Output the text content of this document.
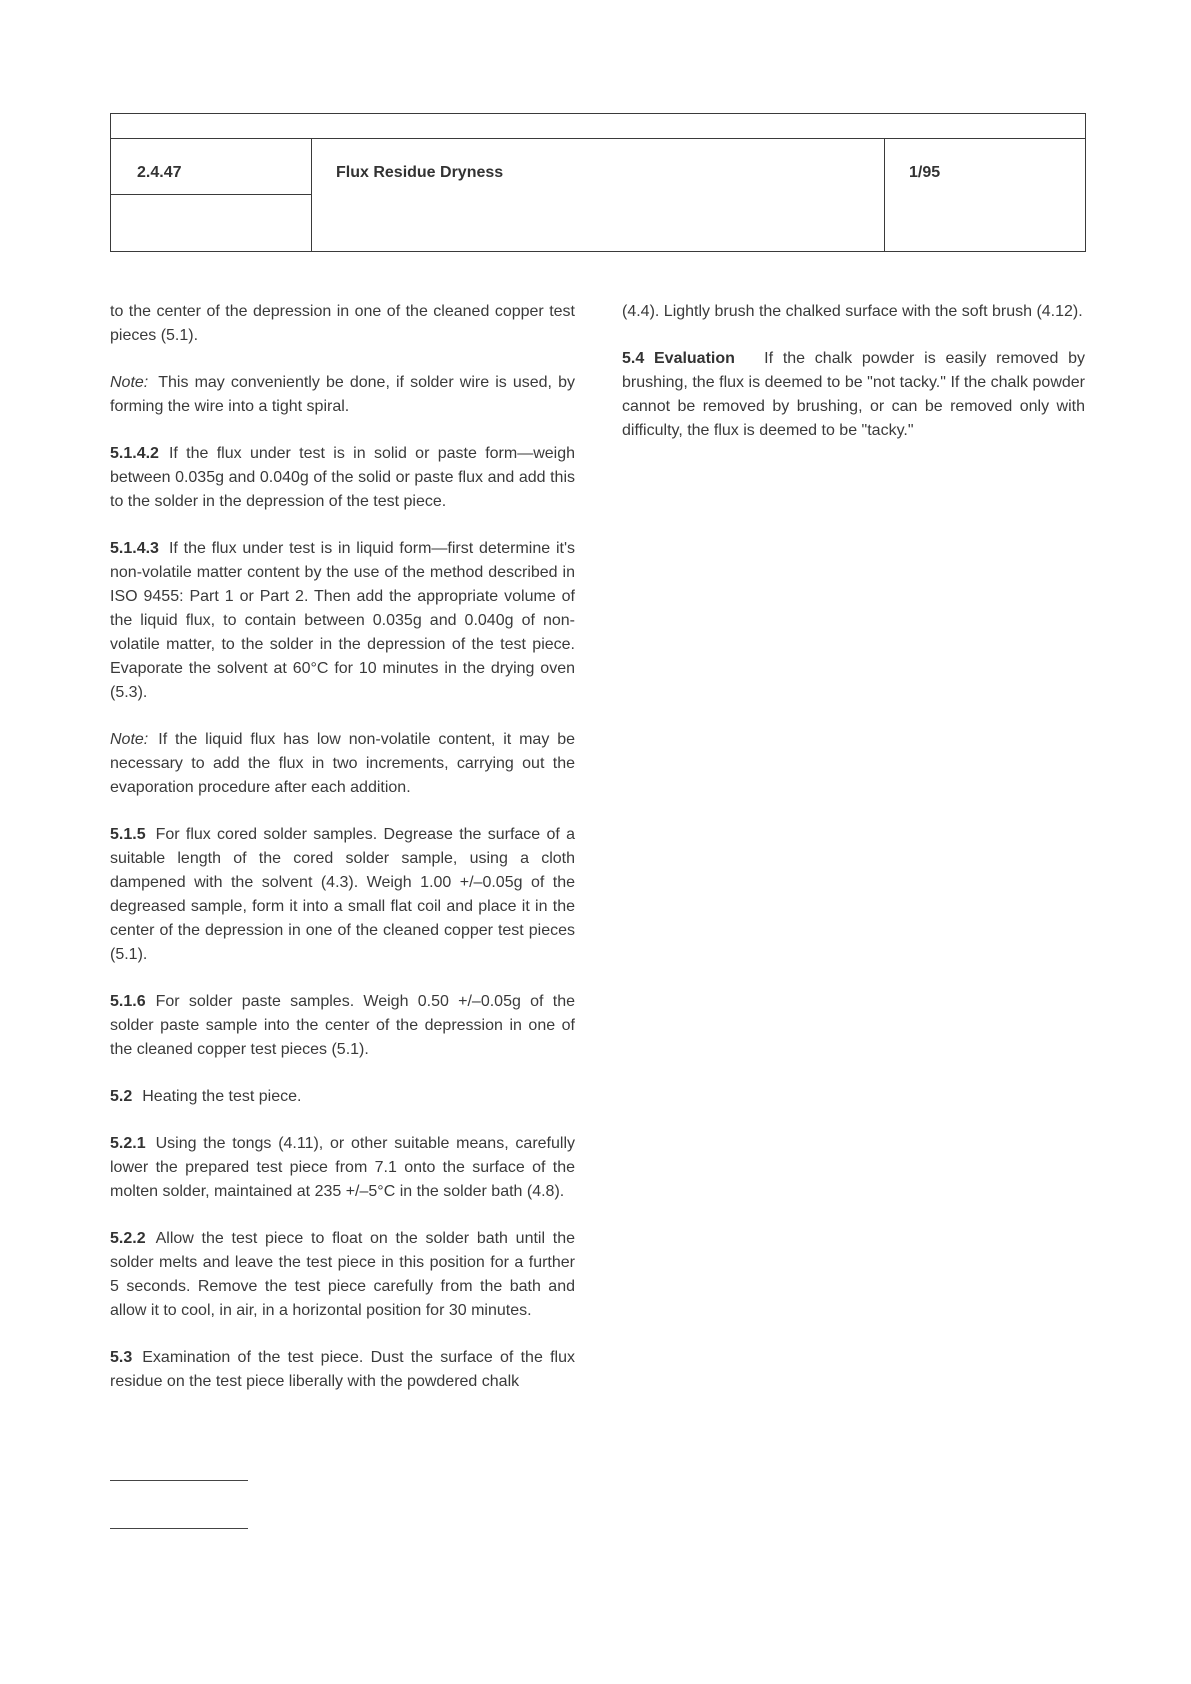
2.4.47	Flux Residue Dryness	1/95

to the center of the depression in one of the cleaned copper test pieces (5.1).

Note: This may conveniently be done, if solder wire is used, by forming the wire into a tight spiral.

5.1.4.2 If the flux under test is in solid or paste form—weigh between 0.035g and 0.040g of the solid or paste flux and add this to the solder in the depression of the test piece.

5.1.4.3 If the flux under test is in liquid form—first determine it's non-volatile matter content by the use of the method described in ISO 9455: Part 1 or Part 2. Then add the appropriate volume of the liquid flux, to contain between 0.035g and 0.040g of non-volatile matter, to the solder in the depression of the test piece. Evaporate the solvent at 60°C for 10 minutes in the drying oven (5.3).

Note: If the liquid flux has low non-volatile content, it may be necessary to add the flux in two increments, carrying out the evaporation procedure after each addition.

5.1.5 For flux cored solder samples. Degrease the surface of a suitable length of the cored solder sample, using a cloth dampened with the solvent (4.3). Weigh 1.00 +/–0.05g of the degreased sample, form it into a small flat coil and place it in the center of the depression in one of the cleaned copper test pieces (5.1).

5.1.6 For solder paste samples. Weigh 0.50 +/–0.05g of the solder paste sample into the center of the depression in one of the cleaned copper test pieces (5.1).

5.2 Heating the test piece.

5.2.1 Using the tongs (4.11), or other suitable means, carefully lower the prepared test piece from 7.1 onto the surface of the molten solder, maintained at 235 +/–5°C in the solder bath (4.8).

5.2.2 Allow the test piece to float on the solder bath until the solder melts and leave the test piece in this position for a further 5 seconds. Remove the test piece carefully from the bath and allow it to cool, in air, in a horizontal position for 30 minutes.

5.3 Examination of the test piece. Dust the surface of the flux residue on the test piece liberally with the powdered chalk

(4.4). Lightly brush the chalked surface with the soft brush (4.12).

5.4 Evaluation If the chalk powder is easily removed by brushing, the flux is deemed to be "not tacky." If the chalk powder cannot be removed by brushing, or can be removed only with difficulty, the flux is deemed to be "tacky."
